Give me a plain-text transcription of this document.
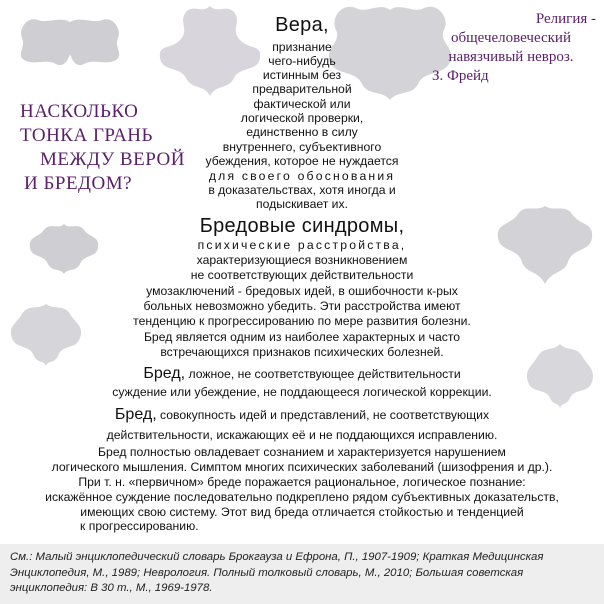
НАСКОЛЬКО
ТОНКА ГРАНЬ
МЕЖДУ ВЕРОЙ
И БРЕДОМ?
Религия -
общечеловеческий
навязчивый невроз.
З. Фрейд
Вера,
признание
чего-нибудь
истинным без
предварительной
фактической или
логической проверки,
единственно в силу
внутреннего, субъективного
убеждения, которое не нуждается
для своего обоснования
в доказательствах, хотя иногда и
подыскивает их.
Бредовые синдромы,
психические расстройства,
характеризующиеся возникновением
не соответствующих действительности
умозаключений - бредовых идей, в ошибочности к-рых
больных невозможно убедить. Эти расстройства имеют
тенденцию к прогрессированию по мере развития болезни.
Бред является одним из наиболее характерных и часто
встречающихся признаков психических болезней.
Бред, ложное, не соответствующее действительности
суждение или убеждение, не поддающееся логической коррекции.
Бред, совокупность идей и представлений, не соответствующих
действительности, искажающих её и не поддающихся исправлению.
Бред полностью овладевает сознанием и характеризуется нарушением
логического мышления. Симптом многих психических заболеваний (шизофрения и др.).
При т. н. «первичном» бреде поражается рациональное, логическое познание:
искажённое суждение последовательно подкреплено рядом субъективных доказательств,
имеющих свою систему. Этот вид бреда отличается стойкостью и тенденцией
к прогрессированию.

См.: Малый энциклопедический словарь Брокгауза и Ефрона, П., 1907-1909; Краткая Медицинская Энциклопедия, М., 1989; Неврология. Полный толковый словарь, М., 2010; Большая советская энциклопедия: В 30 т., М., 1969-1978.
